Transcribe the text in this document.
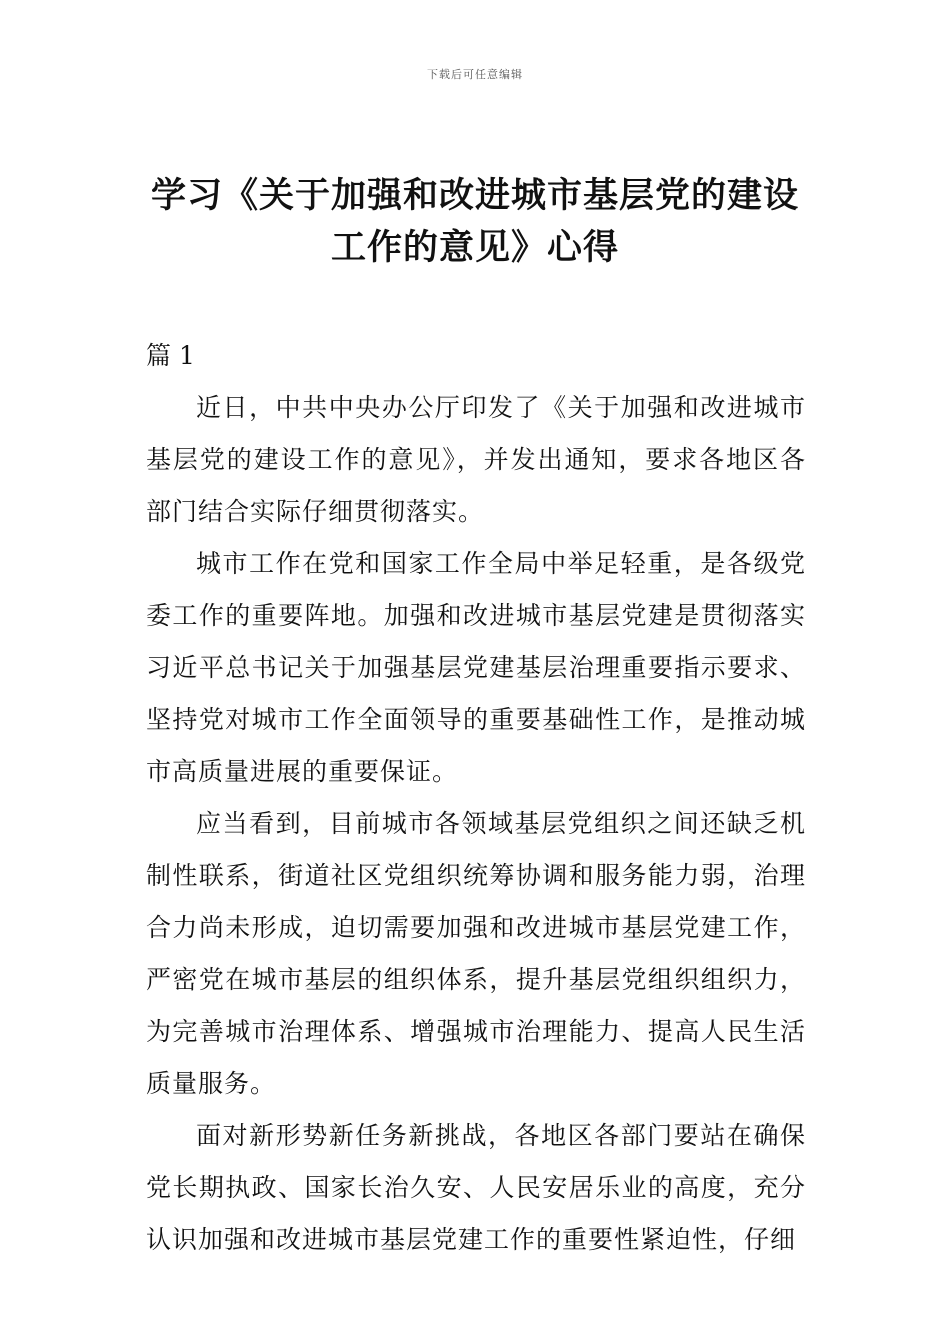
下载后可任意编辑
学习《关于加强和改进城市基层党的建设
工作的意见》心得

篇 1

近日，中共中央办公厅印发了《关于加强和改进城市基层党的建设工作的意见》，并发出通知，要求各地区各部门结合实际仔细贯彻落实。

城市工作在党和国家工作全局中举足轻重，是各级党委工作的重要阵地。加强和改进城市基层党建是贯彻落实习近平总书记关于加强基层党建基层治理重要指示要求、坚持党对城市工作全面领导的重要基础性工作，是推动城市高质量进展的重要保证。

应当看到，目前城市各领域基层党组织之间还缺乏机制性联系，街道社区党组织统筹协调和服务能力弱，治理合力尚未形成，迫切需要加强和改进城市基层党建工作，严密党在城市基层的组织体系，提升基层党组织组织力，为完善城市治理体系、增强城市治理能力、提高人民生活质量服务。

面对新形势新任务新挑战，各地区各部门要站在确保党长期执政、国家长治久安、人民安居乐业的高度，充分认识加强和改进城市基层党建工作的重要性紧迫性，仔细
